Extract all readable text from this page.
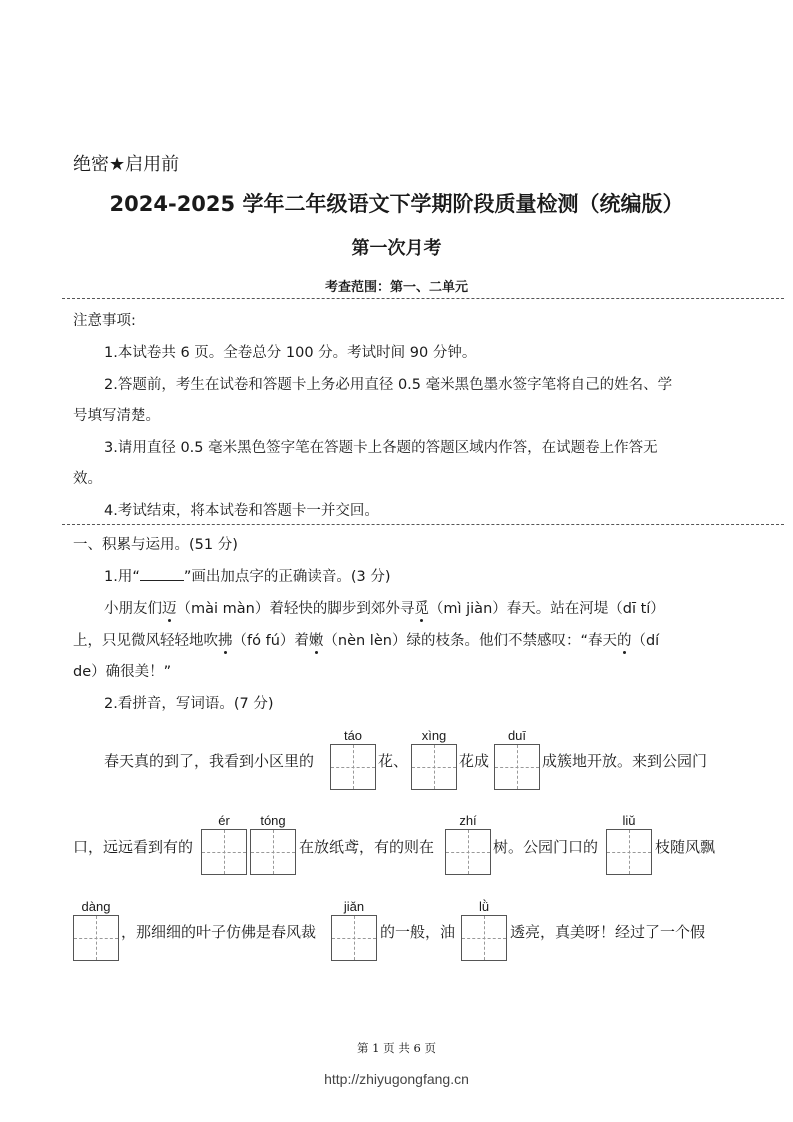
绝密★启用前
2024-2025 学年二年级语文下学期阶段质量检测（统编版）
第一次月考
考查范围：第一、二单元
注意事项:
1.本试卷共 6 页。全卷总分 100 分。考试时间 90 分钟。
2.答题前，考生在试卷和答题卡上务必用直径 0.5 毫米黑色墨水签字笔将自己的姓名、学
号填写清楚。
3.请用直径 0.5 毫米黑色签字笔在答题卡上各题的答题区域内作答，在试题卷上作答无
效。
4.考试结束，将本试卷和答题卡一并交回。
一、积累与运用。(51 分)
1.用“	”画出加点字的正确读音。(3 分)
小朋友们迈（mài màn）着轻快的脚步到郊外寻觅（mì jiàn）春天。站在河堤（dī tí）
上，只见微风轻轻地吹拂（fó fú）着嫩（nèn lèn）绿的枝条。他们不禁感叹：“春天的（dí
de）确很美！”
2.看拼音，写词语。(7 分)
春天真的到了，我看到小区里的
táo
花、
xìng
花成
duī
成簇地开放。来到公园门
口，远远看到有的
ér	tóng
在放纸鸢，有的则在
zhí
树。公园门口的
liǔ
枝随风飘
dàng
，那细细的叶子仿佛是春风裁
jiǎn
的一般，油
lǜ
透亮，真美呀！经过了一个假
第 1 页 共 6 页
http://zhiyugongfang.cn
